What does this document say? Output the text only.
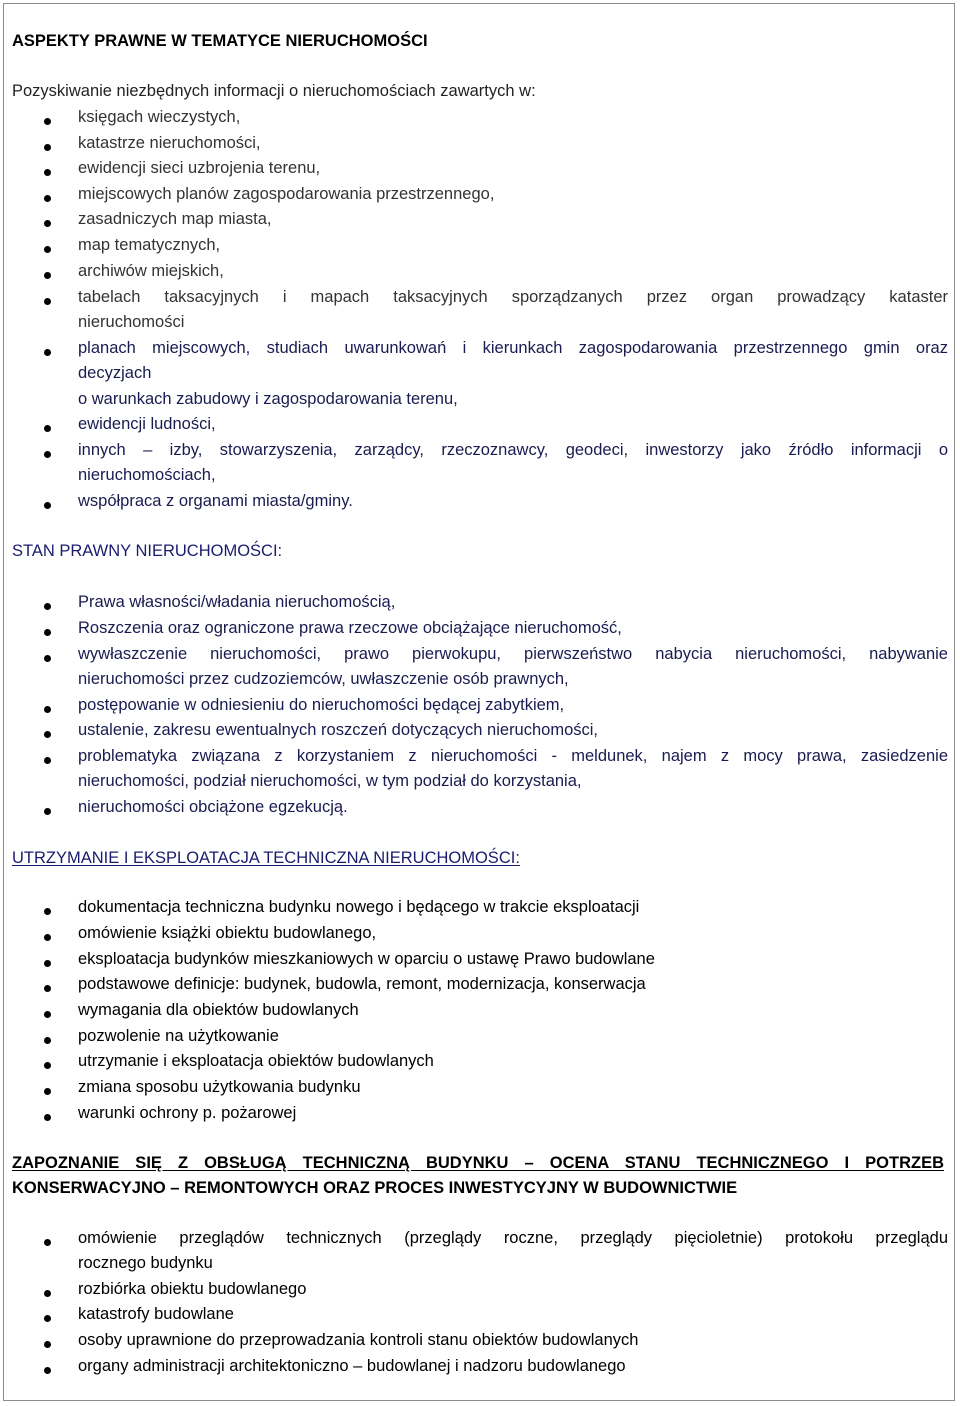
ASPEKTY PRAWNE W TEMATYCE NIERUCHOMOŚCI

Pozyskiwanie niezbędnych informacji o nieruchomościach zawartych w:

księgach wieczystych,

katastrze nieruchomości,

ewidencji sieci uzbrojenia terenu,

miejscowych planów zagospodarowania przestrzennego,

zasadniczych map miasta,

map tematycznych,

archiwów miejskich,

tabelach taksacyjnych i mapach taksacyjnych sporządzanych przez organ prowadzący kataster

nieruchomości

planach miejscowych, studiach uwarunkowań i kierunkach zagospodarowania przestrzennego gmin oraz

decyzjach

o warunkach zabudowy i zagospodarowania terenu,

ewidencji ludności,

innych – izby, stowarzyszenia, zarządcy, rzeczoznawcy, geodeci, inwestorzy jako źródło informacji o

nieruchomościach,

współpraca z organami miasta/gminy.

STAN PRAWNY NIERUCHOMOŚCI:

Prawa własności/władania nieruchomością,

Roszczenia oraz ograniczone prawa rzeczowe obciążające nieruchomość,

wywłaszczenie nieruchomości, prawo pierwokupu, pierwszeństwo nabycia nieruchomości, nabywanie

nieruchomości przez cudzoziemców, uwłaszczenie osób prawnych,

postępowanie w odniesieniu do nieruchomości będącej zabytkiem,

ustalenie, zakresu ewentualnych roszczeń dotyczących nieruchomości,

problematyka związana z korzystaniem z nieruchomości - meldunek, najem z mocy prawa, zasiedzenie

nieruchomości, podział nieruchomości, w tym podział do korzystania,

nieruchomości obciążone egzekucją.

UTRZYMANIE I EKSPLOATACJA TECHNICZNA NIERUCHOMOŚCI:

dokumentacja techniczna budynku nowego i będącego w trakcie eksploatacji

omówienie książki obiektu budowlanego,

eksploatacja budynków mieszkaniowych w oparciu o ustawę Prawo budowlane

podstawowe definicje: budynek, budowla, remont, modernizacja, konserwacja

wymagania dla obiektów budowlanych

pozwolenie na użytkowanie

utrzymanie i eksploatacja obiektów budowlanych

zmiana sposobu użytkowania budynku

warunki ochrony p. pożarowej

ZAPOZNANIE SIĘ Z OBSŁUGĄ TECHNICZNĄ BUDYNKU – OCENA STANU TECHNICZNEGO I POTRZEB

KONSERWACYJNO – REMONTOWYCH ORAZ PROCES INWESTYCYJNY W BUDOWNICTWIE

omówienie przeglądów technicznych (przeglądy roczne, przeglądy pięcioletnie) protokołu przeglądu

rocznego budynku

rozbiórka obiektu budowlanego

katastrofy budowlane

osoby uprawnione do przeprowadzania kontroli stanu obiektów budowlanych

organy administracji architektoniczno – budowlanej i nadzoru budowlanego
